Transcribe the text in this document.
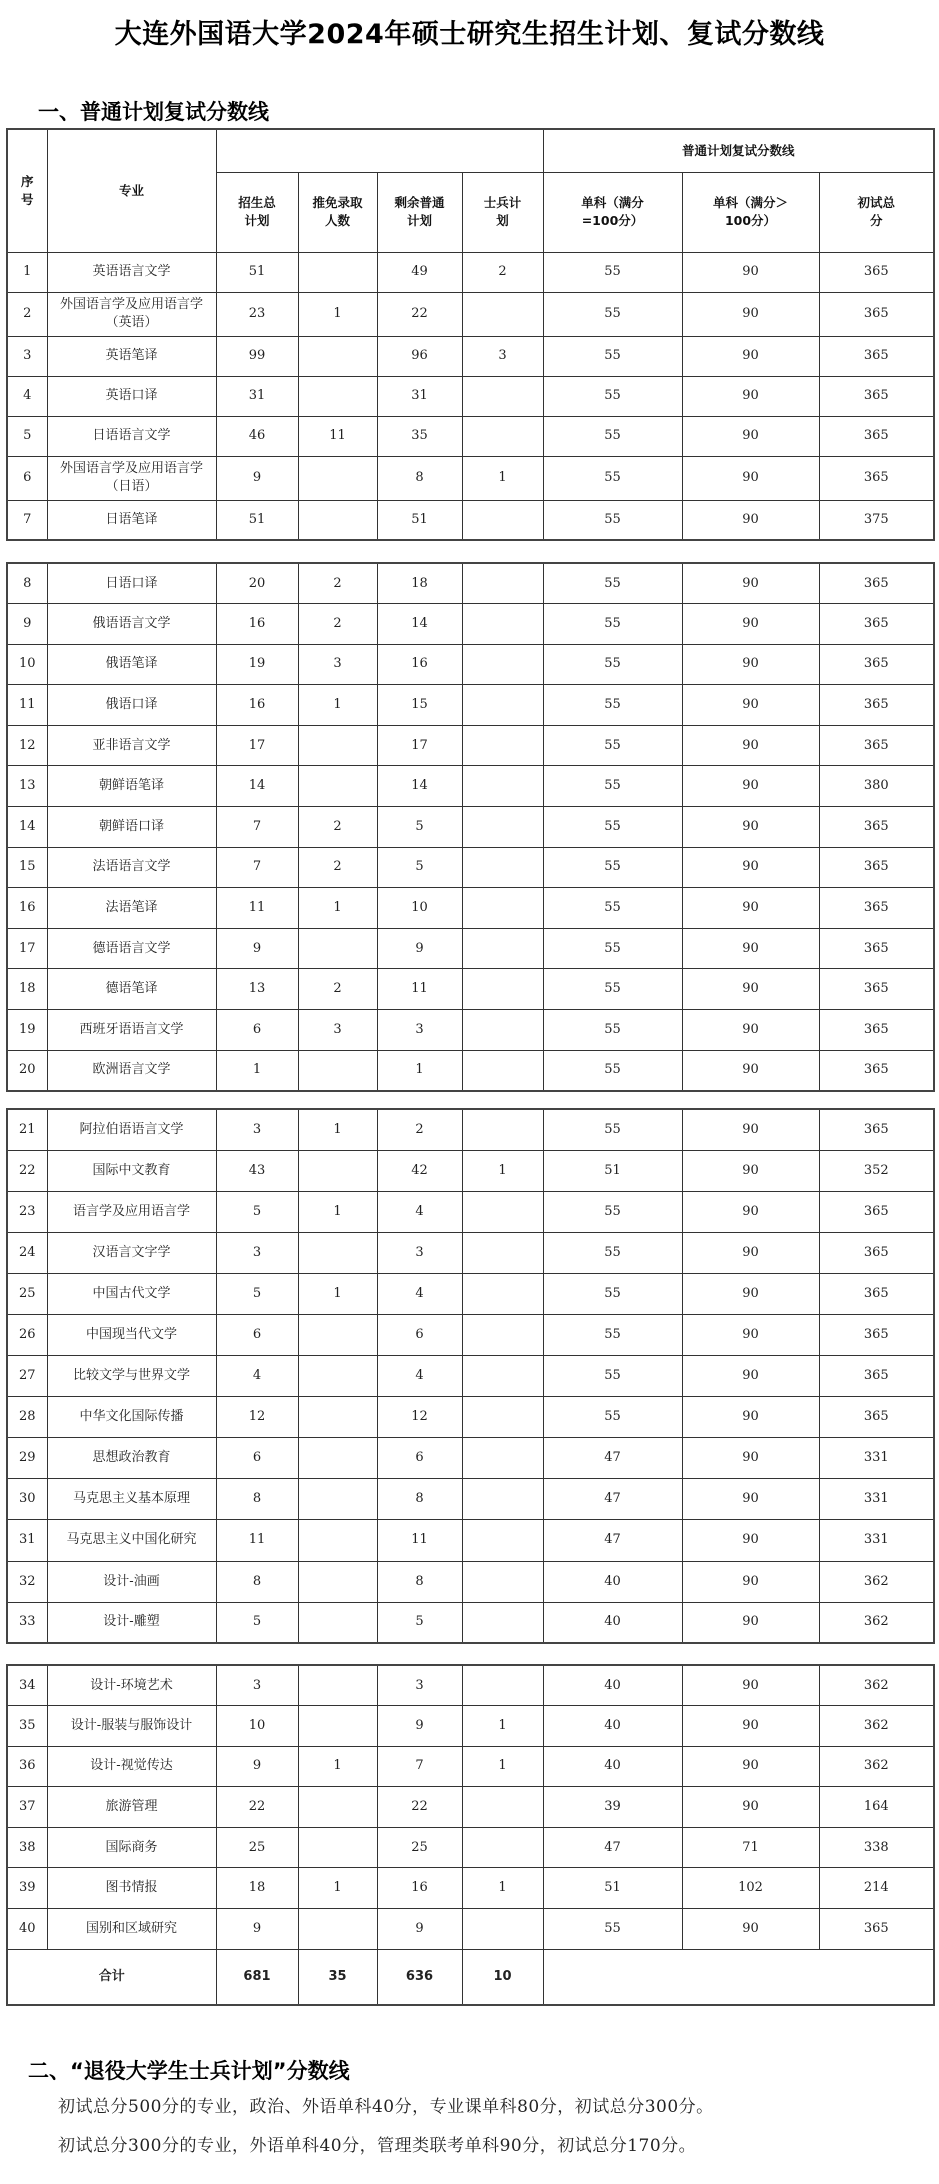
大连外国语大学2024年硕士研究生招生计划、复试分数线
一、普通计划复试分数线
序号	专业					普通计划复试分数线		
		招生总计划	推免录取人数	剩余普通计划	士兵计划	单科（满分=100分）	单科（满分＞100分）	初试总分
1	英语语言文学	51		49	2	55	90	365
2	外国语言学及应用语言学（英语）	23	1	22		55	90	365
3	英语笔译	99		96	3	55	90	365
4	英语口译	31		31		55	90	365
5	日语语言文学	46	11	35		55	90	365
6	外国语言学及应用语言学（日语）	9		8	1	55	90	365
7	日语笔译	51		51		55	90	375
8	日语口译	20	2	18		55	90	365
9	俄语语言文学	16	2	14		55	90	365
10	俄语笔译	19	3	16		55	90	365
11	俄语口译	16	1	15		55	90	365
12	亚非语言文学	17		17		55	90	365
13	朝鲜语笔译	14		14		55	90	380
14	朝鲜语口译	7	2	5		55	90	365
15	法语语言文学	7	2	5		55	90	365
16	法语笔译	11	1	10		55	90	365
17	德语语言文学	9		9		55	90	365
18	德语笔译	13	2	11		55	90	365
19	西班牙语语言文学	6	3	3		55	90	365
20	欧洲语言文学	1		1		55	90	365
21	阿拉伯语语言文学	3	1	2		55	90	365
22	国际中文教育	43		42	1	51	90	352
23	语言学及应用语言学	5	1	4		55	90	365
24	汉语言文字学	3		3		55	90	365
25	中国古代文学	5	1	4		55	90	365
26	中国现当代文学	6		6		55	90	365
27	比较文学与世界文学	4		4		55	90	365
28	中华文化国际传播	12		12		55	90	365
29	思想政治教育	6		6		47	90	331
30	马克思主义基本原理	8		8		47	90	331
31	马克思主义中国化研究	11		11		47	90	331
32	设计-油画	8		8		40	90	362
33	设计-雕塑	5		5		40	90	362
34	设计-环境艺术	3		3		40	90	362
35	设计-服装与服饰设计	10		9	1	40	90	362
36	设计-视觉传达	9	1	7	1	40	90	362
37	旅游管理	22		22		39	90	164
38	国际商务	25		25		47	71	338
39	图书情报	18	1	16	1	51	102	214
40	国别和区域研究	9		9		55	90	365
合计		681	35	636	10			
二、“退役大学生士兵计划”分数线
初试总分500分的专业，政治、外语单科40分，专业课单科80分，初试总分300分。
初试总分300分的专业，外语单科40分，管理类联考单科90分，初试总分170分。
